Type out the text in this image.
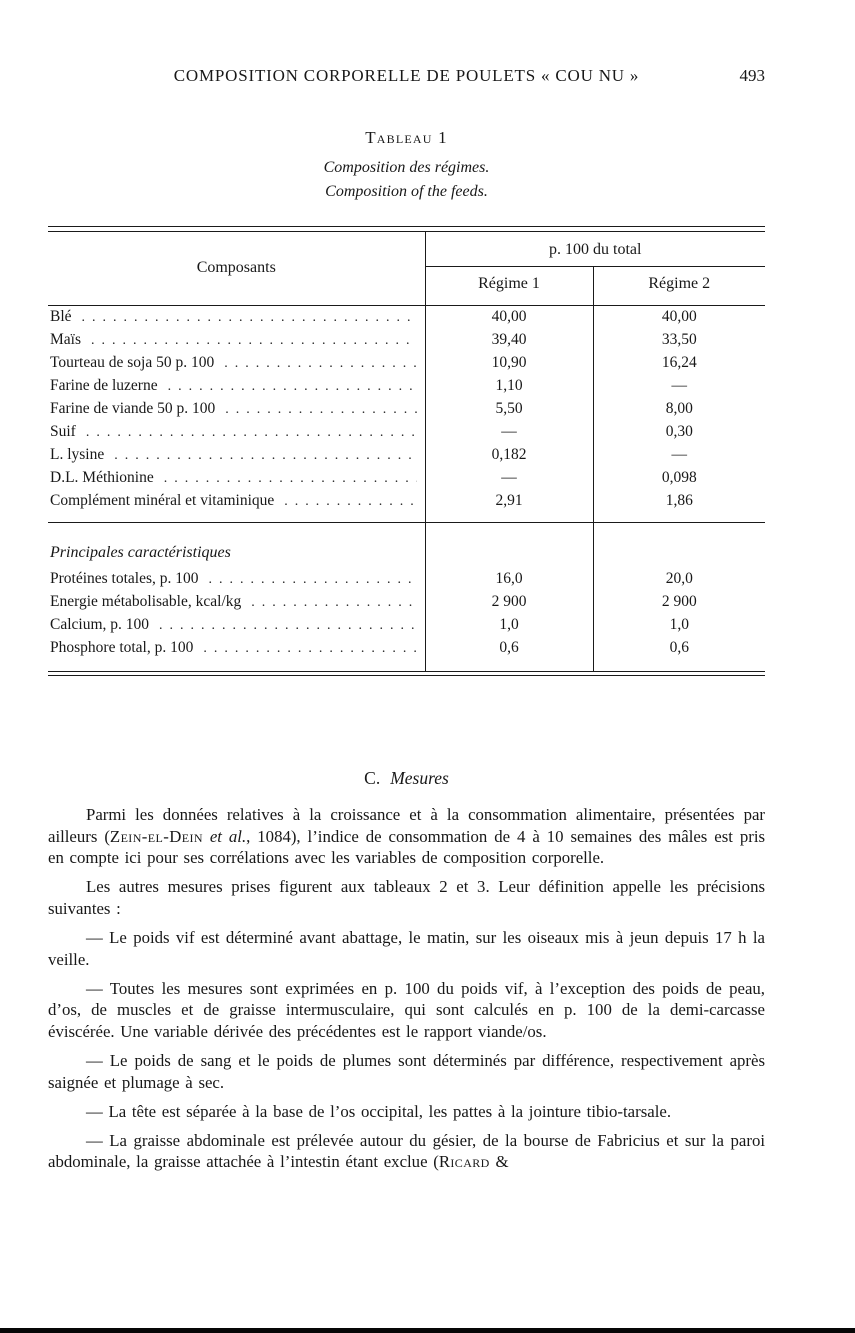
COMPOSITION CORPORELLE DE POULETS « COU NU »	493
Tableau 1
Composition des régimes.
Composition of the feeds.
Composants	p. 100 du total	
	Régime 1	Régime 2

Blé
.....	40,00	40,00

Maïs
.....	39,40	33,50

Tourteau de soja 50 p. 100
.....	10,90	16,24

Farine de luzerne
.....	1,10	—

Farine de viande 50 p. 100
.....	5,50	8,00

Suif
.....	—	0,30

L. lysine
.....	0,182	—

D.L. Méthionine
.....	—	0,098

Complément minéral et vitaminique
.....	2,91	1,86
Principales caractéristiques		

Protéines totales, p. 100
.....	16,0	20,0

Energie métabolisable, kcal/kg
.....	2 900	2 900

Calcium, p. 100
.....	1,0	1,0

Phosphore total, p. 100
.....	0,6	0,6
C. Mesures

Parmi les données relatives à la croissance et à la consommation alimentaire, présentées par ailleurs (Zein-el-Dein et al., 1084), l’indice de consommation de 4 à 10 semaines des mâles est pris en compte ici pour ses corrélations avec les variables de composition corporelle.

Les autres mesures prises figurent aux tableaux 2 et 3. Leur définition appelle les précisions suivantes :

— Le poids vif est déterminé avant abattage, le matin, sur les oiseaux mis à jeun depuis 17 h la veille.

— Toutes les mesures sont exprimées en p. 100 du poids vif, à l’exception des poids de peau, d’os, de muscles et de graisse intermusculaire, qui sont calculés en p. 100 de la demi-carcasse éviscérée. Une variable dérivée des précédentes est le rapport viande/os.

— Le poids de sang et le poids de plumes sont déterminés par différence, respectivement après saignée et plumage à sec.

— La tête est séparée à la base de l’os occipital, les pattes à la jointure tibio-tarsale.

— La graisse abdominale est prélevée autour du gésier, de la bourse de Fabricius et sur la paroi abdominale, la graisse attachée à l’intestin étant exclue (Ricard &
